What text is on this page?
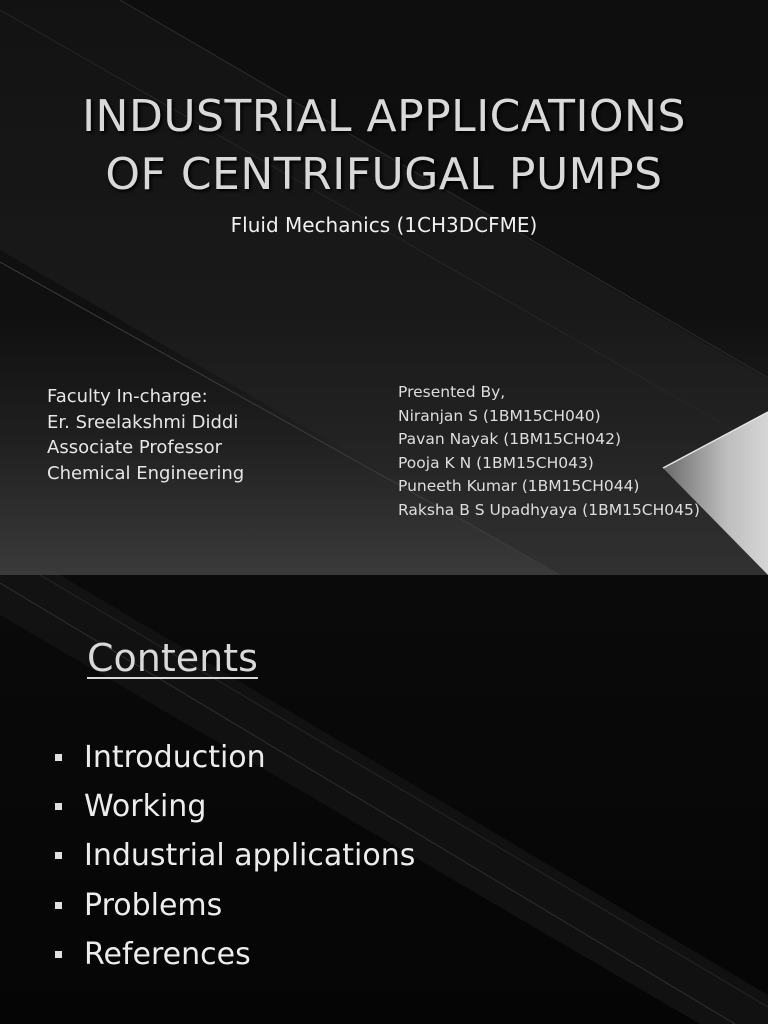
INDUSTRIAL APPLICATIONS
OF CENTRIFUGAL PUMPS
Fluid Mechanics (1CH3DCFME)
Faculty In-charge:
Er. Sreelakshmi Diddi
Associate Professor
Chemical Engineering
Presented By,
Niranjan S (1BM15CH040)
Pavan Nayak (1BM15CH042)
Pooja K N (1BM15CH043)
Puneeth Kumar (1BM15CH044)
Raksha B S Upadhyaya (1BM15CH045)
Contents
Introduction
Working
Industrial applications
Problems
References
